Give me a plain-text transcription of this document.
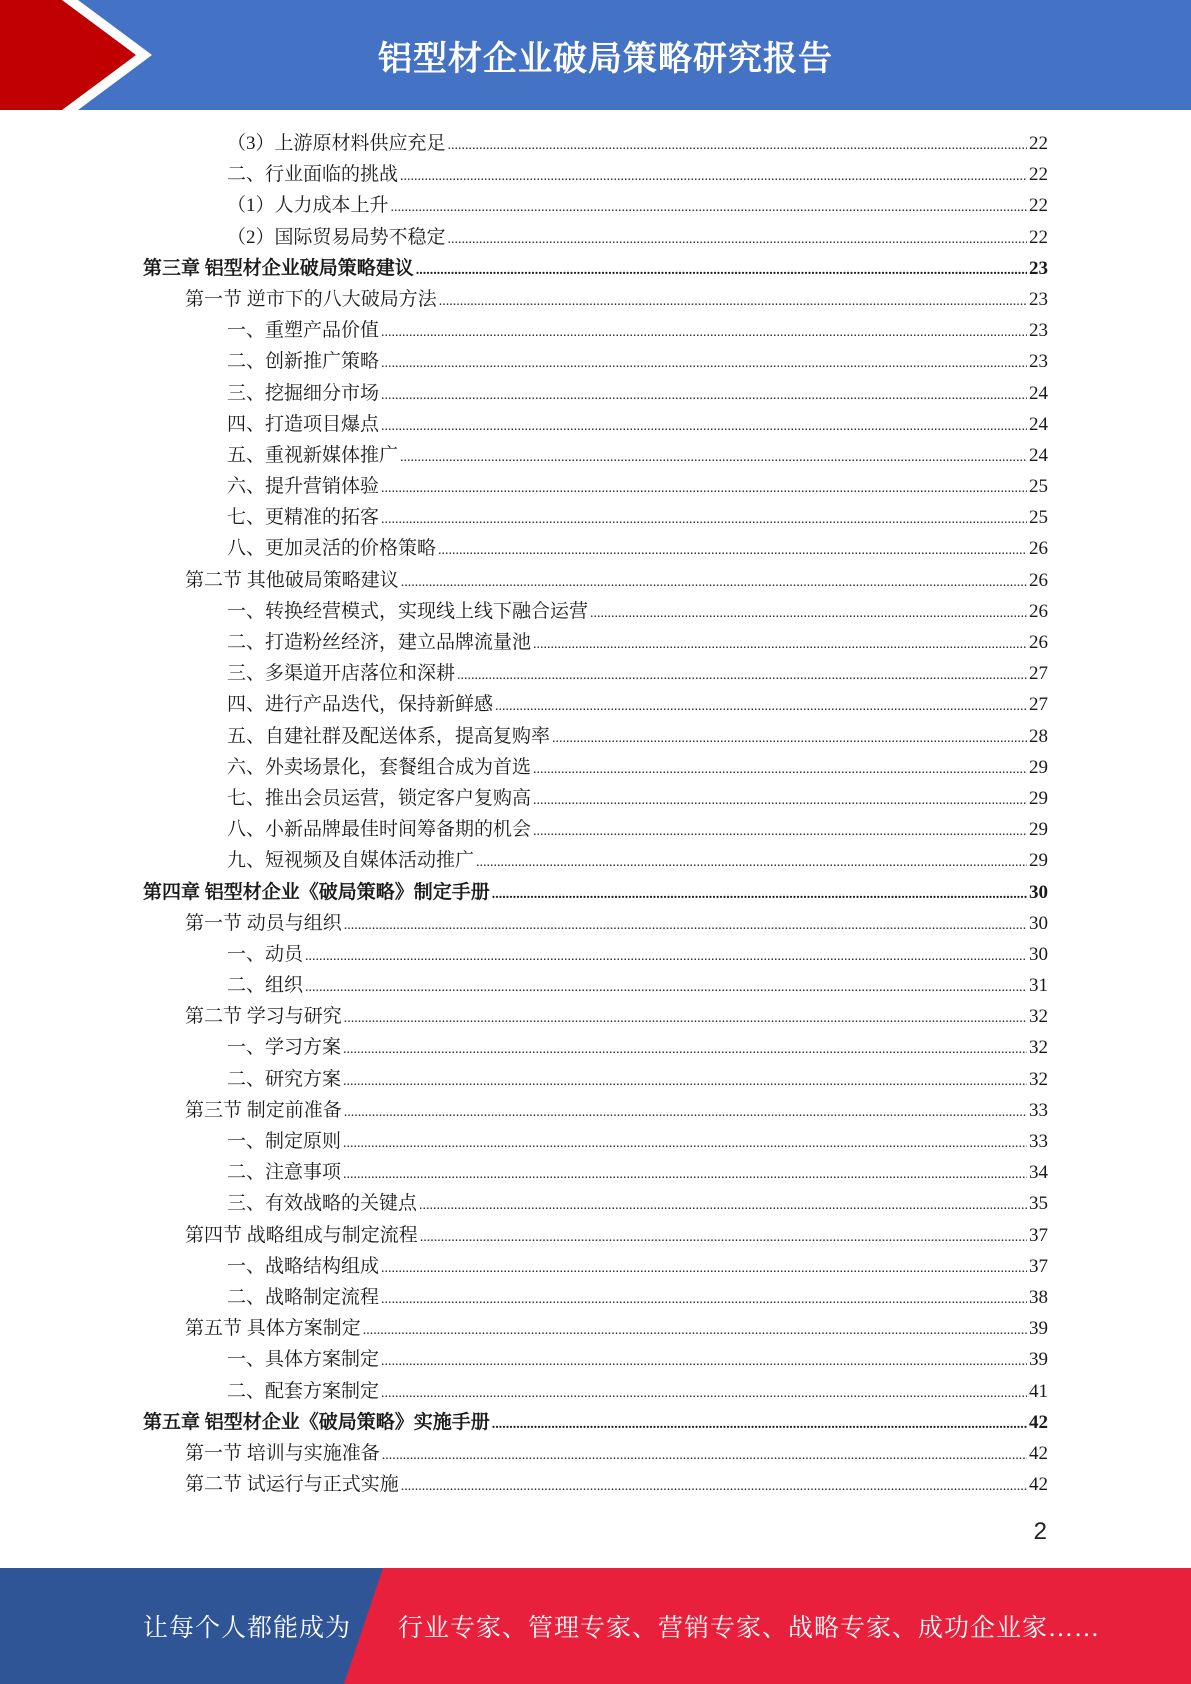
铝型材企业破局策略研究报告
（3）上游原材料供应充足 .....	22
二、行业面临的挑战 .....	22
（1）人力成本上升 .....	22
（2）国际贸易局势不稳定 .....	22
第三章 铝型材企业破局策略建议 .....	23
第一节 逆市下的八大破局方法 .....	23
一、重塑产品价值 .....	23
二、创新推广策略 .....	23
三、挖掘细分市场 .....	24
四、打造项目爆点 .....	24
五、重视新媒体推广 .....	24
六、提升营销体验 .....	25
七、更精准的拓客 .....	25
八、更加灵活的价格策略 .....	26
第二节 其他破局策略建议 .....	26
一、转换经营模式，实现线上线下融合运营 .....	26
二、打造粉丝经济，建立品牌流量池 .....	26
三、多渠道开店落位和深耕 .....	27
四、进行产品迭代，保持新鲜感 .....	27
五、自建社群及配送体系，提高复购率 .....	28
六、外卖场景化，套餐组合成为首选 .....	29
七、推出会员运营，锁定客户复购高 .....	29
八、小新品牌最佳时间筹备期的机会 .....	29
九、短视频及自媒体活动推广 .....	29
第四章 铝型材企业《破局策略》制定手册 .....	30
第一节 动员与组织 .....	30
一、动员 .....	30
二、组织 .....	31
第二节 学习与研究 .....	32
一、学习方案 .....	32
二、研究方案 .....	32
第三节 制定前准备 .....	33
一、制定原则 .....	33
二、注意事项 .....	34
三、有效战略的关键点 .....	35
第四节 战略组成与制定流程 .....	37
一、战略结构组成 .....	37
二、战略制定流程 .....	38
第五节 具体方案制定 .....	39
一、具体方案制定 .....	39
二、配套方案制定 .....	41
第五章 铝型材企业《破局策略》实施手册 .....	42
第一节 培训与实施准备 .....	42
第二节 试运行与正式实施 .....	42
2
让每个人都能成为 行业专家、管理专家、营销专家、战略专家、成功企业家……
